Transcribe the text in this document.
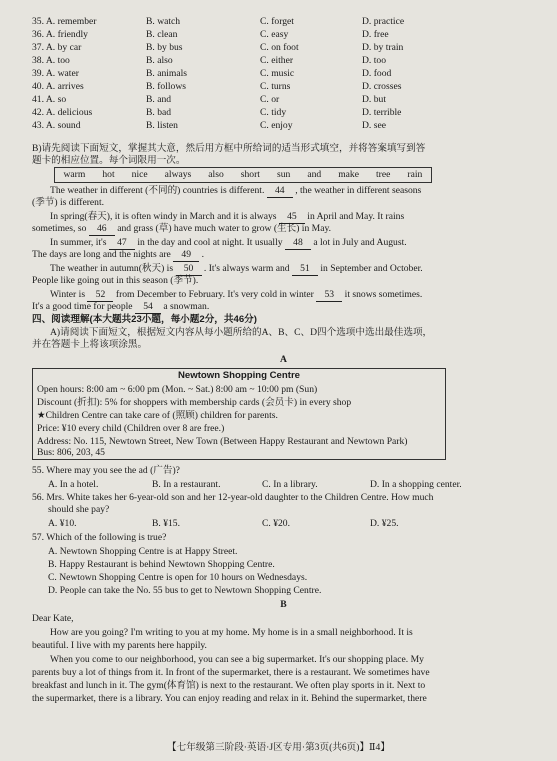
35. A. remember	B. watch	C. forget	D. practice
36. A. friendly	B. clean	C. easy	D. free
37. A. by car	B. by bus	C. on foot	D. by train
38. A. too	B. also	C. either	D. too
39. A. water	B. animals	C. music	D. food
40. A. arrives	B. follows	C. turns	D. crosses
41. A. so	B. and	C. or	D. but
42. A. delicious	B. bad	C. tidy	D. terrible
43. A. sound	B. listen	C. enjoy	D. see
B)请先阅读下面短文，掌握其大意，然后用方框中所给词的适当形式填空，并将答案填写到答
题卡的相应位置。每个词限用一次。
warm hot nice always also short sun and make tree rain
The weather in different (不同的) countries is different. 44 , the weather in different seasons
(季节) is different.
In spring(春天), it is often windy in March and it is always 45 in April and May. It rains
sometimes, so 46 and grass (草) have much water to grow (生长) in May.
In summer, it's 47 in the day and cool at night. It usually 48 a lot in July and August.
The days are long and the nights are 49 .
The weather in autumn(秋天) is 50 . It's always warm and 51 in September and October.
People like going out in this season (季节).
Winter is 52 from December to February. It's very cold in winter 53 it snows sometimes.
It's a good time for people 54 a snowman.
四、阅读理解(本大题共23小题，每小题2分，共46分)
A)请阅读下面短文，根据短文内容从每小题所给的A、B、C、D四个选项中选出最佳选项，
并在答题卡上将该项涂黑。
A
Newtown Shopping Centre
Open hours: 8:00 am ~ 6:00 pm (Mon. ~ Sat.) 8:00 am ~ 10:00 pm (Sun)
Discount (折扣): 5% for shoppers with membership cards (会员卡) in every shop
★Children Centre can take care of (照顾) children for parents.
Price: ¥10 every child (Children over 8 are free.)
Address: No. 115, Newtown Street, New Town (Between Happy Restaurant and Newtown Park)
Bus: 806, 203, 45
55. Where may you see the ad (广告)?
A. In a hotel.	B. In a restaurant.	C. In a library.	D. In a shopping center.
56. Mrs. White takes her 6-year-old son and her 12-year-old daughter to the Children Centre. How much
should she pay?
A. ¥10.	B. ¥15.	C. ¥20.	D. ¥25.
57. Which of the following is true?
A. Newtown Shopping Centre is at Happy Street.
B. Happy Restaurant is behind Newtown Shopping Centre.
C. Newtown Shopping Centre is open for 10 hours on Wednesdays.
D. People can take the No. 55 bus to get to Newtown Shopping Centre.
B
Dear Kate,
How are you going? I'm writing to you at my home. My home is in a small neighborhood. It is
beautiful. I live with my parents here happily.
When you come to our neighborhood, you can see a big supermarket. It's our shopping place. My
parents buy a lot of things from it. In front of the supermarket, there is a restaurant. We sometimes have
breakfast and lunch in it. The gym(体育馆) is next to the restaurant. We often play sports in it. Next to
the supermarket, there is a library. You can enjoy reading and relax in it. Behind the supermarket, there
【七年级第三阶段·英语·J区专用·第3页(共6页)】Ⅱ4】
